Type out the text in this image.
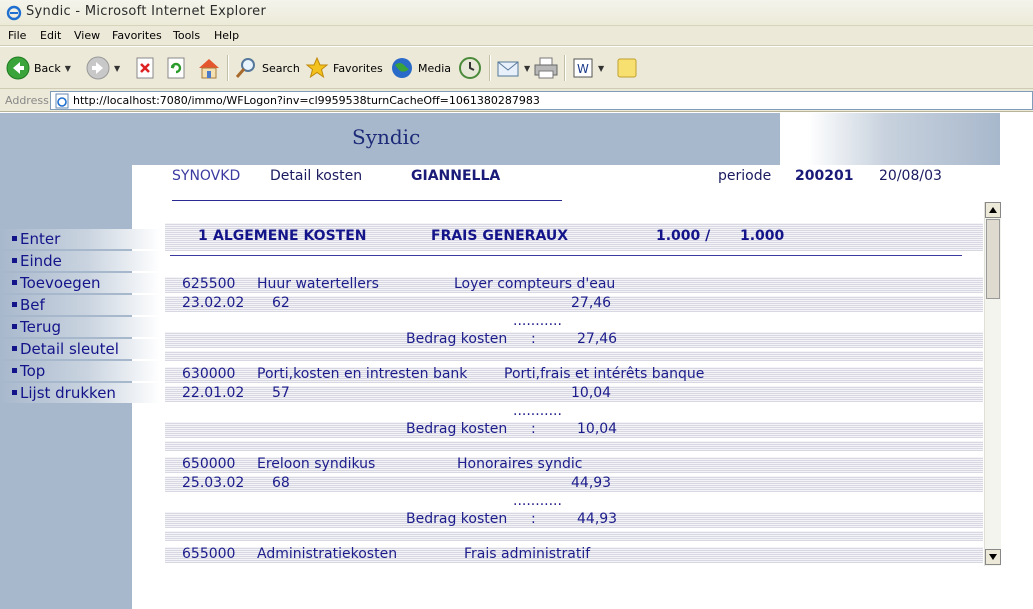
Syndic - Microsoft Internet Explorer
File Edit View Favorites Tools Help
Back ▼	▼	Search	Favorites	Media	▼	W ▼
Address http://localhost:7080/immo/WFLogon?inv=cl9959538turnCacheOff=1061380287983
Syndic
SYNOVKD Detail kosten	GIANNELLA	periode 200201 20/08/03
Enter
Einde
Toevoegen
Bef
Terug
Detail sleutel
Top
Lijst drukken
1 ALGEMENE KOSTEN	FRAIS GENERAUX	1.000 / 1.000
625500 Huur watertellers	Loyer compteurs d'eau
23.02.02 62	27,46
...........
Bedrag kosten :	27,46
630000 Porti,kosten en intresten bank	Porti,frais et intérêts banque
22.01.02 57	10,04
...........
Bedrag kosten :	10,04
650000 Ereloon syndikus	Honoraires syndic
25.03.02 68	44,93
...........
Bedrag kosten :	44,93
655000 Administratiekosten	Frais administratif
